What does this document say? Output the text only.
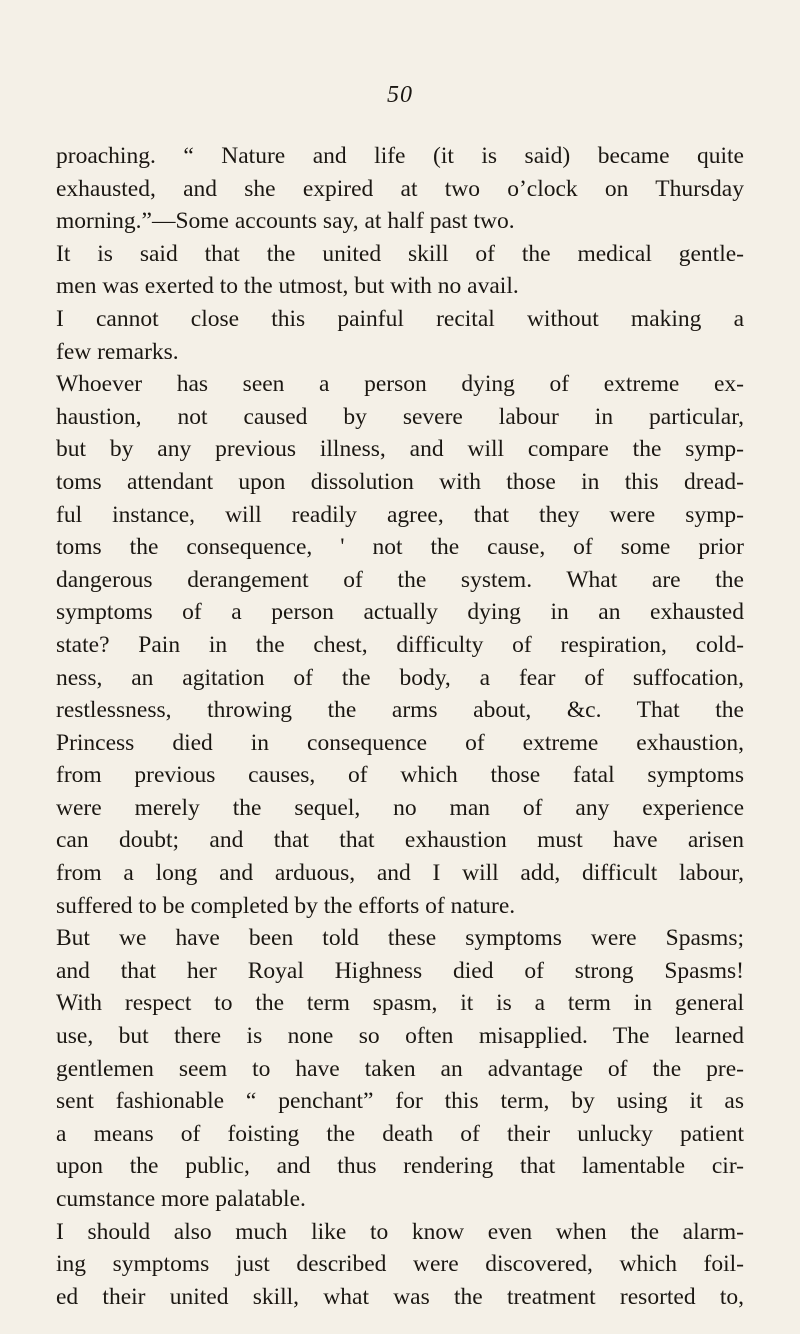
50
proaching. “ Nature and life (it is said) became quite
exhausted, and she expired at two o’clock on Thursday
morning.”—Some accounts say, at half past two.
It is said that the united skill of the medical gentle-
men was exerted to the utmost, but with no avail.
I cannot close this painful recital without making a
few remarks.
Whoever has seen a person dying of extreme ex-
haustion, not caused by severe labour in particular,
but by any previous illness, and will compare the symp-
toms attendant upon dissolution with those in this dread-
ful instance, will readily agree, that they were symp-
toms the consequence, ' not the cause, of some prior
dangerous derangement of the system. What are the
symptoms of a person actually dying in an exhausted
state? Pain in the chest, difficulty of respiration, cold-
ness, an agitation of the body, a fear of suffocation,
restlessness, throwing the arms about, &c. That the
Princess died in consequence of extreme exhaustion,
from previous causes, of which those fatal symptoms
were merely the sequel, no man of any experience
can doubt; and that that exhaustion must have arisen
from a long and arduous, and I will add, difficult labour,
suffered to be completed by the efforts of nature.
But we have been told these symptoms were Spasms;
and that her Royal Highness died of strong Spasms!
With respect to the term spasm, it is a term in general
use, but there is none so often misapplied. The learned
gentlemen seem to have taken an advantage of the pre-
sent fashionable “ penchant” for this term, by using it as
a means of foisting the death of their unlucky patient
upon the public, and thus rendering that lamentable cir-
cumstance more palatable.
I should also much like to know even when the alarm-
ing symptoms just described were discovered, which foil-
ed their united skill, what was the treatment resorted to,
